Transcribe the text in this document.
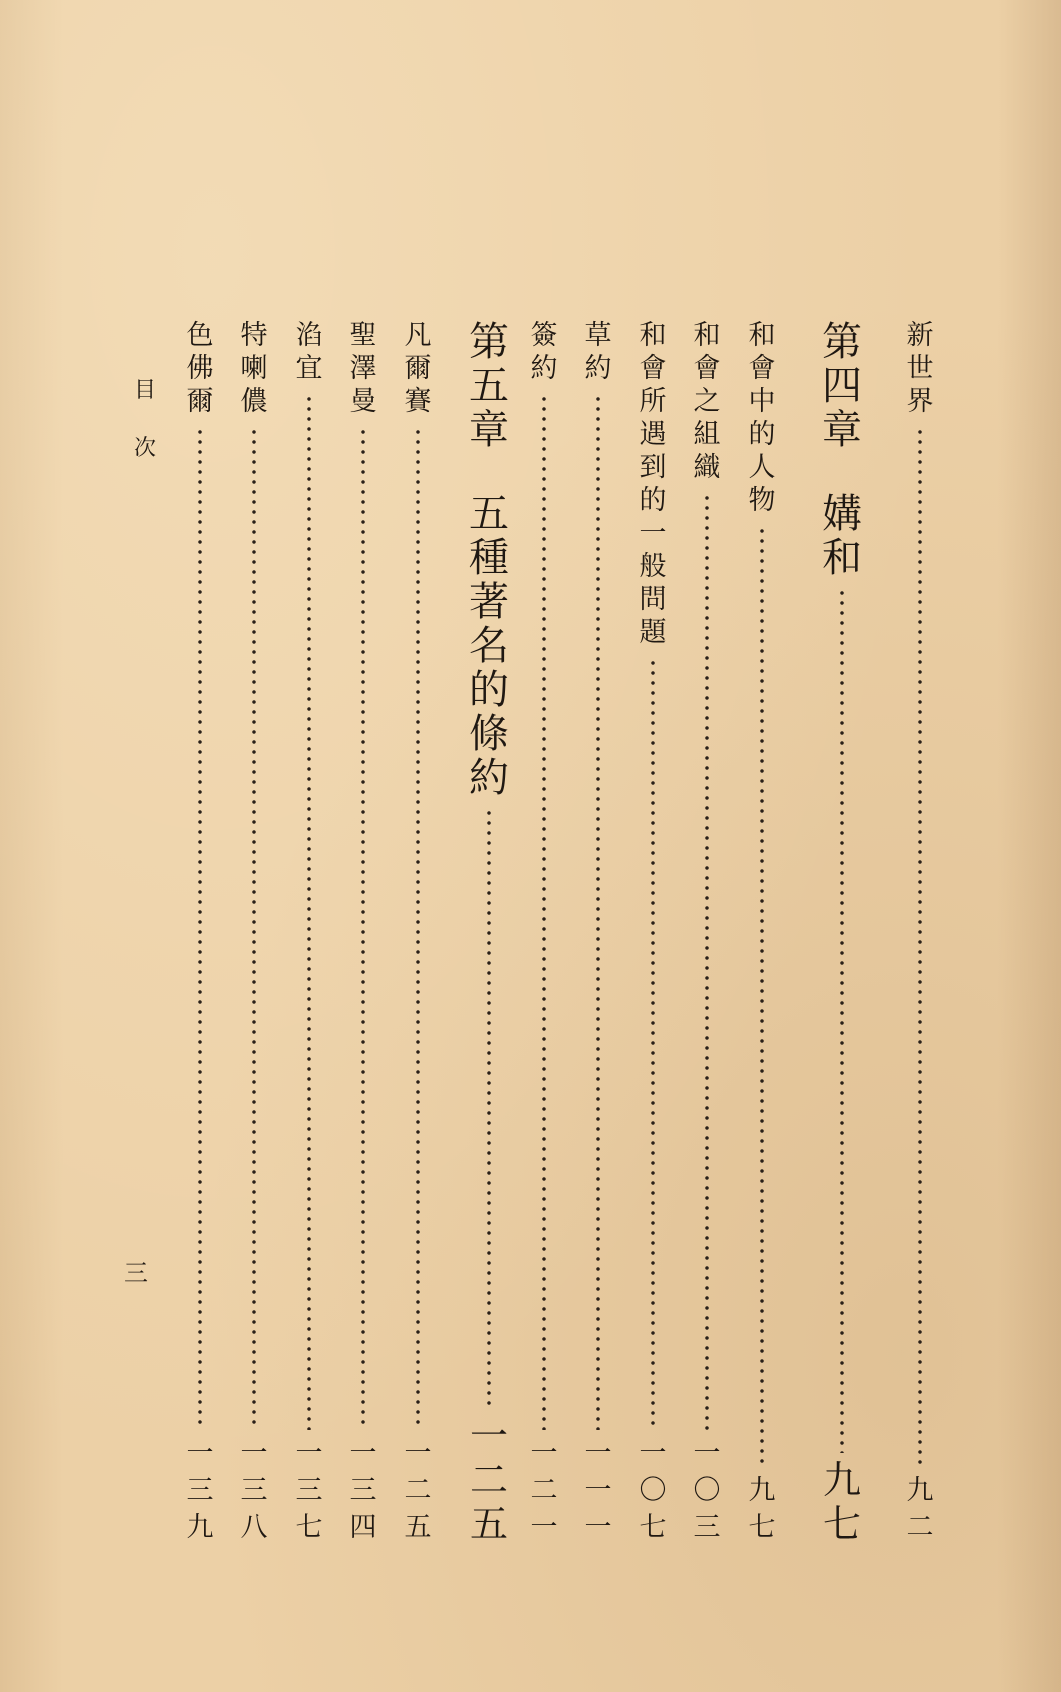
新
世
界
九
二
第
四
章
媾
和
九
七
和
會
中
的
人
物
九
七
和
會
之
組
織
一
〇
三
和
會
所
遇
到
的
一
般
問
題
一
〇
七
草
約
一
一
一
簽
約
一
二
一
第
五
章
五
種
著
名
的
條
約
一
二
五
凡
爾
賽
一
二
五
聖
澤
曼
一
三
四
淊
宜
一
三
七
特
喇
儂
一
三
八
色
佛
爾
一
三
九
目
次
三
